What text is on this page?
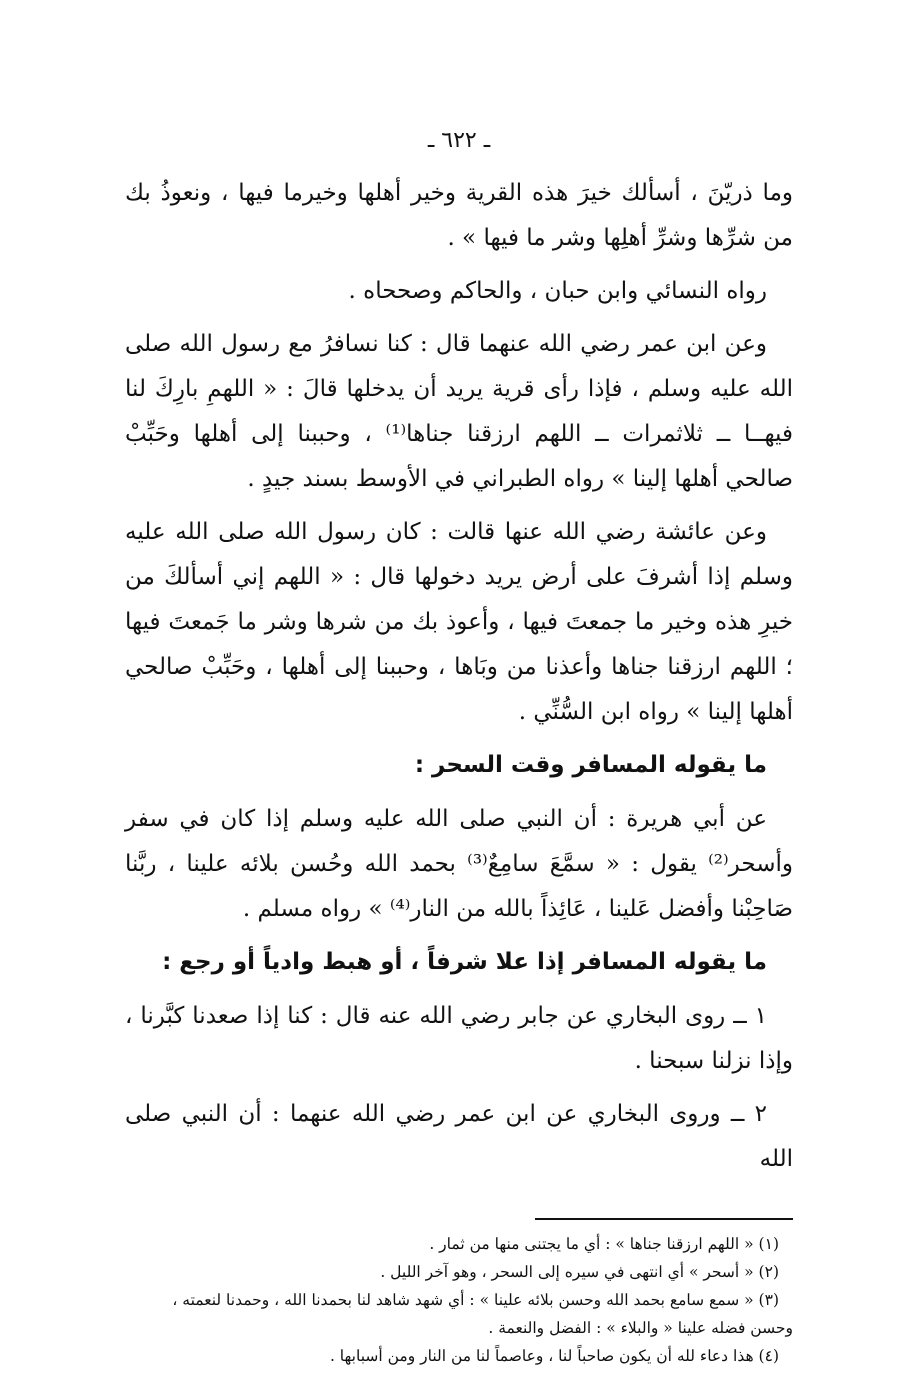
ـ ٦٢٢ ـ

وما ذريّنَ ، أسألك خيرَ هذه القرية وخير أهلها وخيرما فيها ، ونعوذُ بك من شرِّها وشرِّ أهلِها وشر ما فيها » .

رواه النسائي وابن حبان ، والحاكم وصححاه .

وعن ابن عمر رضي الله عنهما قال : كنا نسافرُ مع رسول الله صلى الله عليه وسلم ، فإذا رأى قرية يريد أن يدخلها قالَ : « اللهمِ بارِكَ لنا فيهــا ــ ثلاثمرات ــ اللهم ارزقنا جناها⁽¹⁾ ، وحببنا إلى أهلها وحَبِّبْ صالحي أهلها إلينا » رواه الطبراني في الأوسط بسند جيدٍ .

وعن عائشة رضي الله عنها قالت : كان رسول الله صلى الله عليه وسلم إذا أشرفَ على أرض يريد دخولها قال : « اللهم إني أسألكَ من خيرِ هذه وخير ما جمعتَ فيها ، وأعوذ بك من شرها وشر ما جَمعتَ فيها ؛ اللهم ارزقنا جناها وأعذنا من وبَاها ، وحببنا إلى أهلها ، وحَبِّبْ صالحي أهلها إلينا » رواه ابن السُّنِّي .

ما يقوله المسافر وقت السحر :

عن أبي هريرة : أن النبي صلى الله عليه وسلم إذا كان في سفر وأسحر⁽²⁾ يقول : « سمَّعَ سامِعٌ⁽³⁾ بحمد الله وحُسن بلائه علينا ، ربَّنا صَاحِبْنا وأفضل عَلينا ، عَائِذاً بالله من النار⁽⁴⁾ » رواه مسلم .

ما يقوله المسافر إذا علا شرفاً ، أو هبط وادياً أو رجع :

١ ــ روى البخاري عن جابر رضي الله عنه قال : كنا إذا صعدنا كبَّرنا ، وإذا نزلنا سبحنا .

٢ ــ وروى البخاري عن ابن عمر رضي الله عنهما : أن النبي صلى الله

(١) « اللهم ارزقنا جناها » : أي ما يجتنى منها من ثمار .

(٢) « أسحر » أي انتهى في سيره إلى السحر ، وهو آخر الليل .

(٣) « سمع سامع بحمد الله وحسن بلائه علينا » : أي شهد شاهد لنا بحمدنا الله ، وحمدنا لنعمته ،

وحسن فضله علينا « والبلاء » : الفضل والنعمة .

(٤) هذا دعاء لله أن يكون صاحباً لنا ، وعاصماً لنا من النار ومن أسبابها .
